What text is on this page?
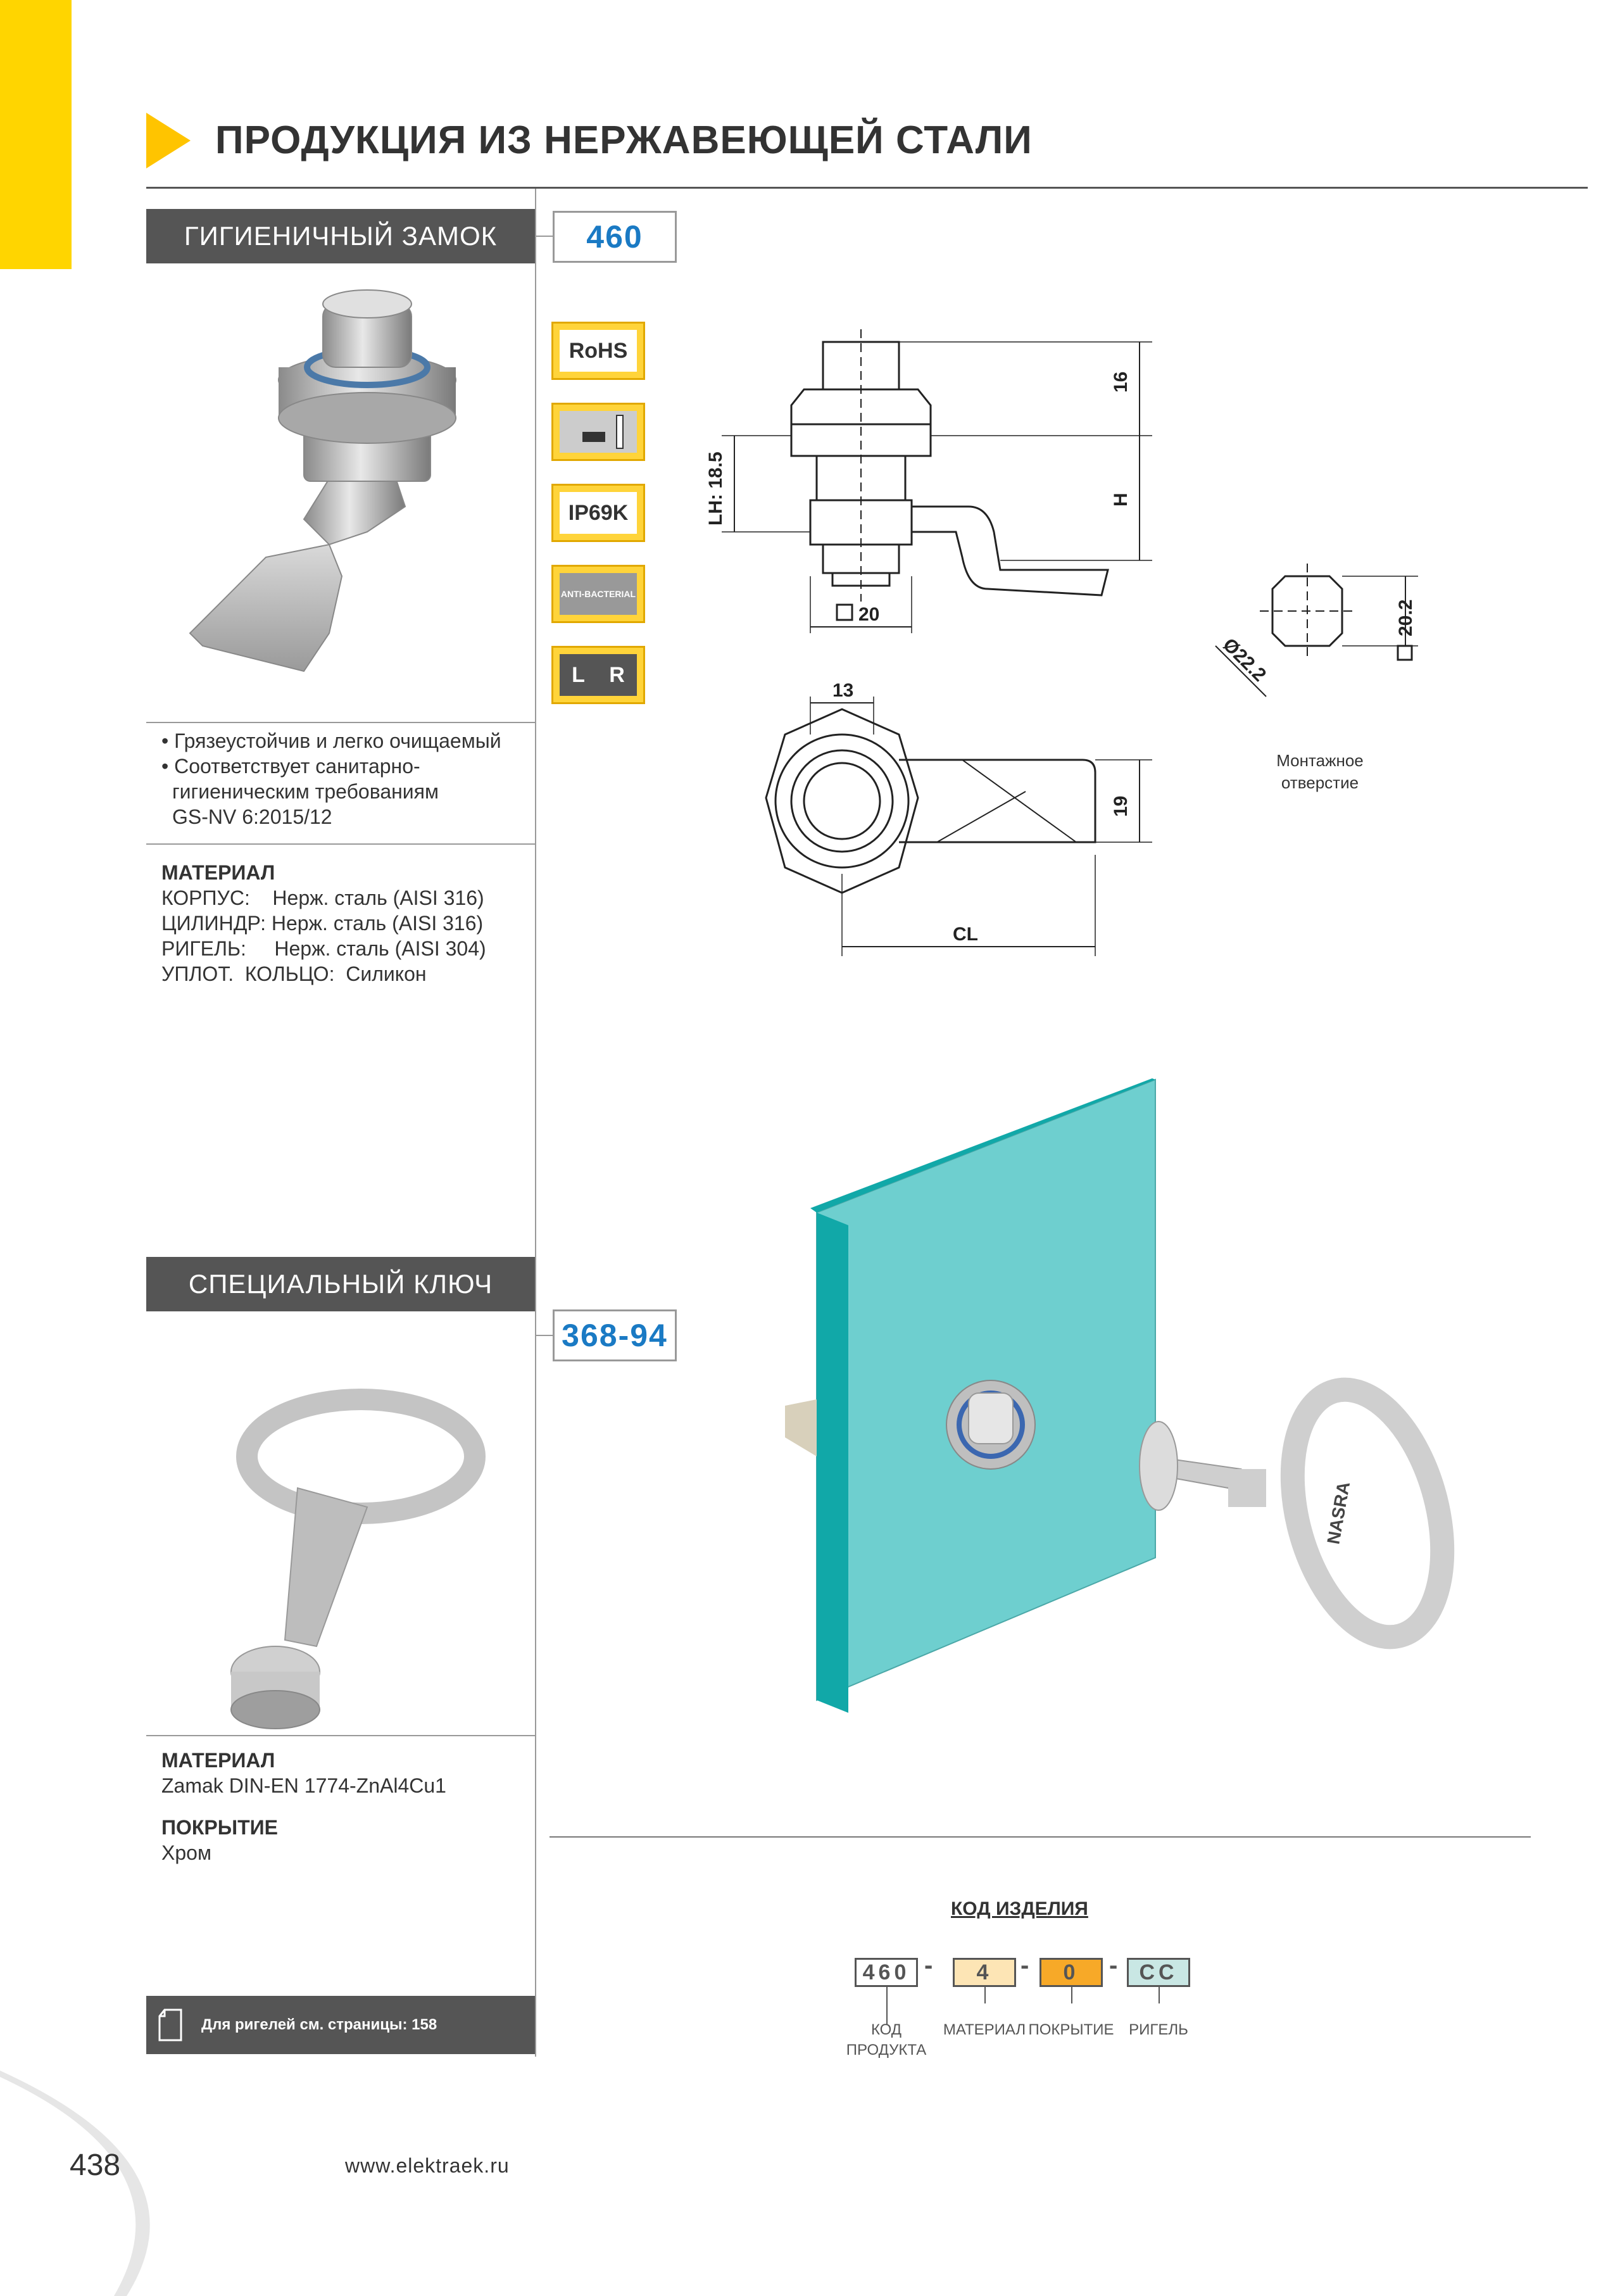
ПРОДУКЦИЯ ИЗ НЕРЖАВЕЮЩЕЙ СТАЛИ
ГИГИЕНИЧНЫЙ ЗАМОК	460
RoHS
IP69K
ANTI-BACTERIAL
L R
• Грязеустойчив и легко очищаемый
• Соответствует санитарно-
гигиеническим требованиям
GS-NV 6:2015/12
МАТЕРИАЛ
КОРПУС:    Нерж. сталь (AISI 316)
ЦИЛИНДР: Нерж. сталь (AISI 316)
РИГЕЛЬ:     Нерж. сталь (AISI 304)
УПЛОТ.  КОЛЬЦО:  Силикон
16
H
LH: 18.5
20
13
19
CL
20.2
Ø22.2
Монтажное
отверстие
СПЕЦИАЛЬНЫЙ КЛЮЧ
368-94
МАТЕРИАЛ
Zamak DIN-EN 1774-ZnAl4Cu1
ПОКРЫТИЕ
Хром
NASRA
КОД ИЗДЕЛИЯ
460 -	4	-	0	-	CC
КОД
ПРОДУКТА
МАТЕРИАЛ ПОКРЫТИЕ РИГЕЛЬ
Для ригелей см. страницы: 158
438	www.elektraek.ru
